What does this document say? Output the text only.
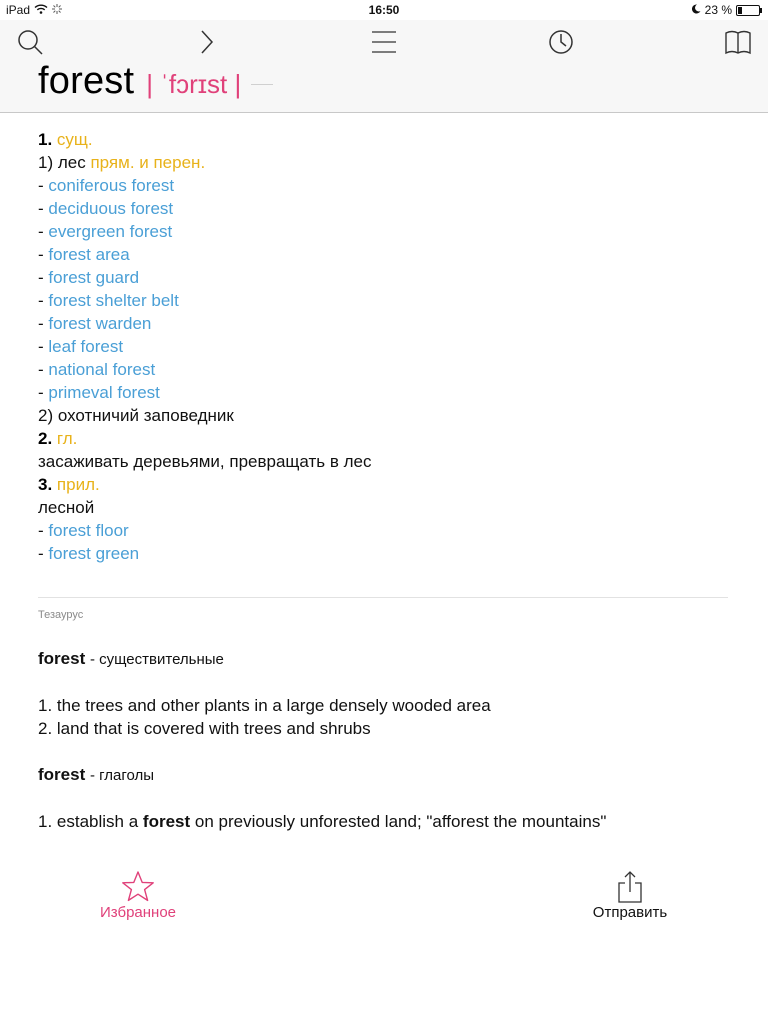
iPad	16:50	23 %
forest | ˈfɔrɪst |
1. сущ.
1) лес прям. и перен.
- coniferous forest
- deciduous forest
- evergreen forest
- forest area
- forest guard
- forest shelter belt
- forest warden
- leaf forest
- national forest
- primeval forest
2) охотничий заповедник
2. гл.
засаживать деревьями, превращать в лес
3. прил.
лесной
- forest floor
- forest green
Тезаурус
forest - существительные
1. the trees and other plants in a large densely wooded area
2. land that is covered with trees and shrubs
forest - глаголы
1. establish a forest on previously unforested land; "afforest the mountains"
Избранное	Отправить
